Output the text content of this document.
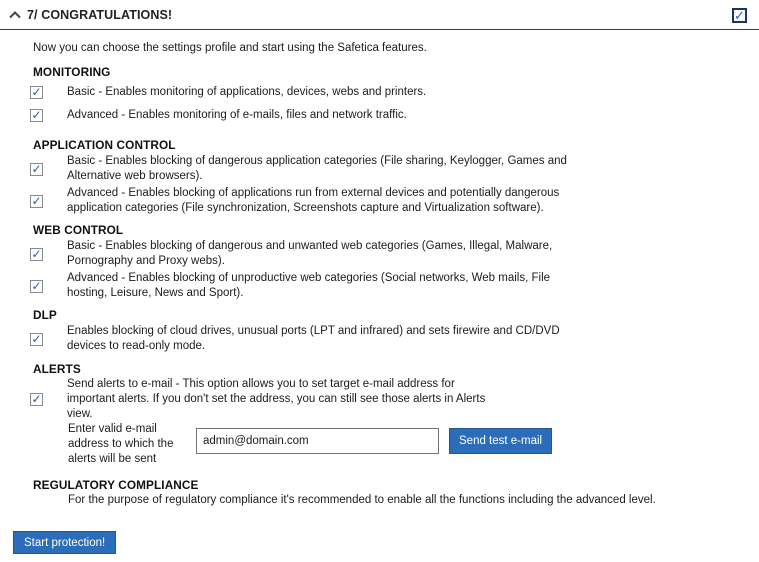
7/ CONGRATULATIONS!	✓
Now you can choose the settings profile and start using the Safetica features.
MONITORING
✓ Basic - Enables monitoring of applications, devices, webs and printers.
✓ Advanced - Enables monitoring of e-mails, files and network traffic.
APPLICATION CONTROL
✓
Basic - Enables blocking of dangerous application categories (File sharing, Keylogger, Games and Alternative web browsers).
✓
Advanced - Enables blocking of applications run from external devices and potentially dangerous application categories (File synchronization, Screenshots capture and Virtualization software).
WEB CONTROL
✓
Basic - Enables blocking of dangerous and unwanted web categories (Games, Illegal, Malware, Pornography and Proxy webs).
✓
Advanced - Enables blocking of unproductive web categories (Social networks, Web mails, File hosting, Leisure, News and Sport).
DLP
✓
Enables blocking of cloud drives, unusual ports (LPT and infrared) and sets firewire and CD/DVD devices to read-only mode.
ALERTS
✓
Send alerts to e-mail - This option allows you to set target e-mail address for important alerts. If you don't set the address, you can still see those alerts in Alerts view.
Enter valid e-mail address to which the alerts will be sent
admin@domain.com
Send test e-mail
REGULATORY COMPLIANCE
For the purpose of regulatory compliance it's recommended to enable all the functions including the advanced level.
Start protection!
